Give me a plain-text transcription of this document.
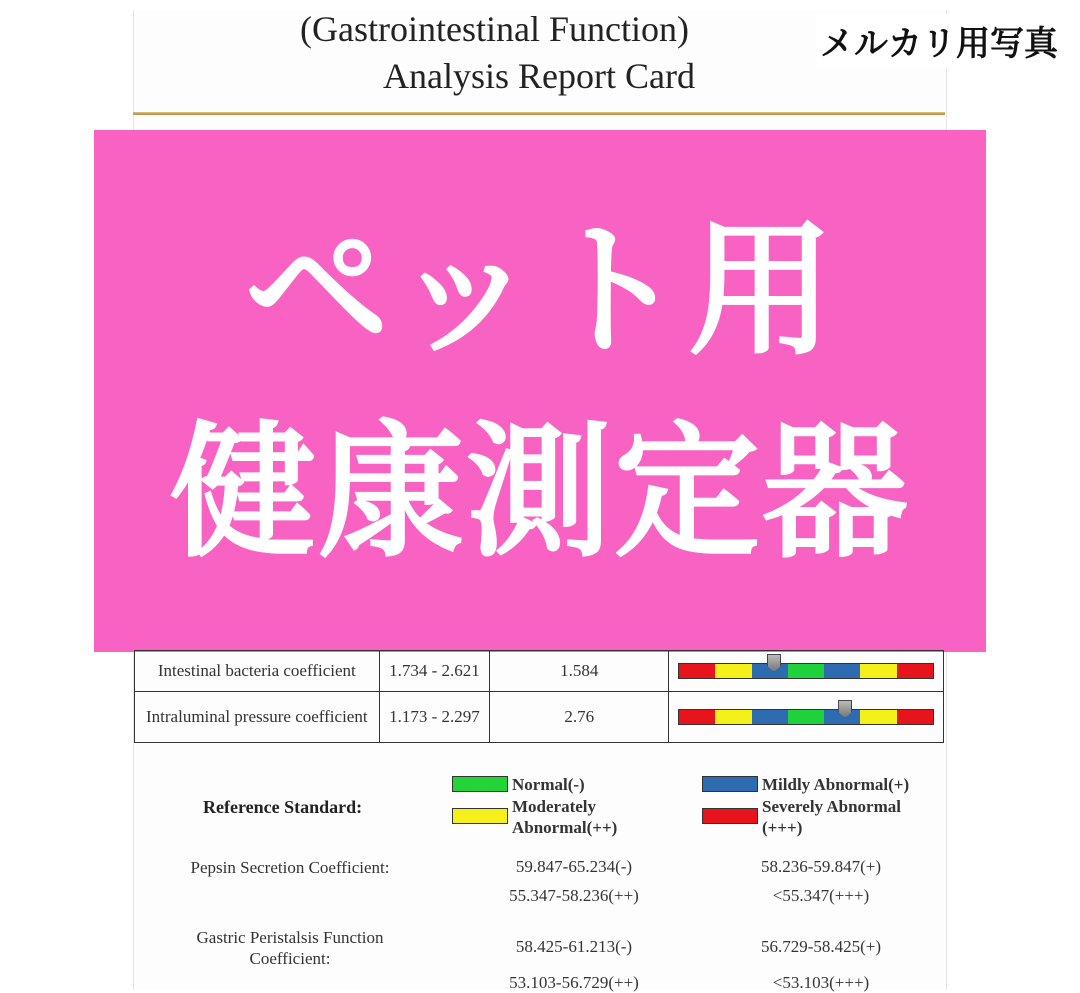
(Gastrointestinal Function)
Analysis Report Card
メルカリ用写真
ペット用
健康測定器
Intestinal bacteria coefficient	1.734 - 2.621	1.584	

Intraluminal pressure coefficient	1.173 - 2.297	2.76	
Reference Standard:
Normal(-)	Mildly Abnormal(+)
Moderately Abnormal(++)
Severely Abnormal (+++)
Pepsin Secretion Coefficient:	59.847-65.234(-)	58.236-59.847(+)
55.347-58.236(++)	<55.347(+++)
Gastric Peristalsis Function Coefficient:
58.425-61.213(-)	56.729-58.425(+)
53.103-56.729(++)	<53.103(+++)
